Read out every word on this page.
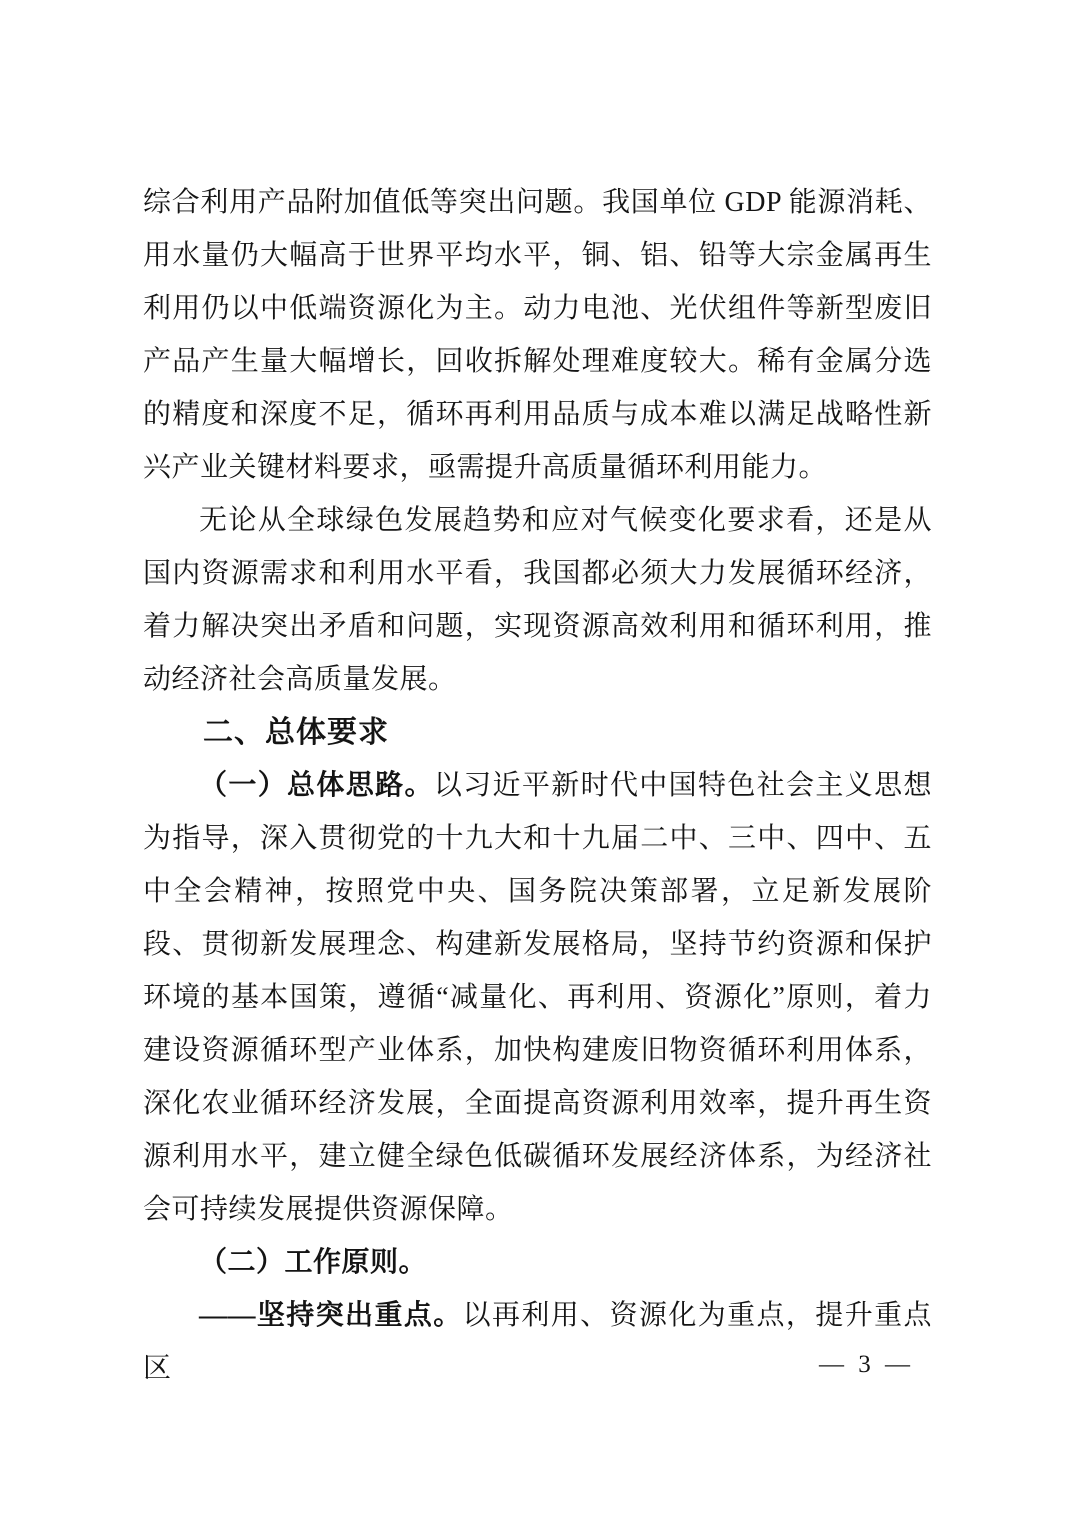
综合利用产品附加值低等突出问题。我国单位 GDP 能源消耗、用水量仍大幅高于世界平均水平，铜、铝、铅等大宗金属再生利用仍以中低端资源化为主。动力电池、光伏组件等新型废旧产品产生量大幅增长，回收拆解处理难度较大。稀有金属分选的精度和深度不足，循环再利用品质与成本难以满足战略性新兴产业关键材料要求，亟需提升高质量循环利用能力。

无论从全球绿色发展趋势和应对气候变化要求看，还是从国内资源需求和利用水平看，我国都必须大力发展循环经济，着力解决突出矛盾和问题，实现资源高效利用和循环利用，推动经济社会高质量发展。

二、总体要求

（一）总体思路。以习近平新时代中国特色社会主义思想为指导，深入贯彻党的十九大和十九届二中、三中、四中、五中全会精神，按照党中央、国务院决策部署，立足新发展阶段、贯彻新发展理念、构建新发展格局，坚持节约资源和保护环境的基本国策，遵循“减量化、再利用、资源化”原则，着力建设资源循环型产业体系，加快构建废旧物资循环利用体系，深化农业循环经济发展，全面提高资源利用效率，提升再生资源利用水平，建立健全绿色低碳循环发展经济体系，为经济社会可持续发展提供资源保障。

（二）工作原则。

——坚持突出重点。以再利用、资源化为重点，提升重点区	— 3 —
